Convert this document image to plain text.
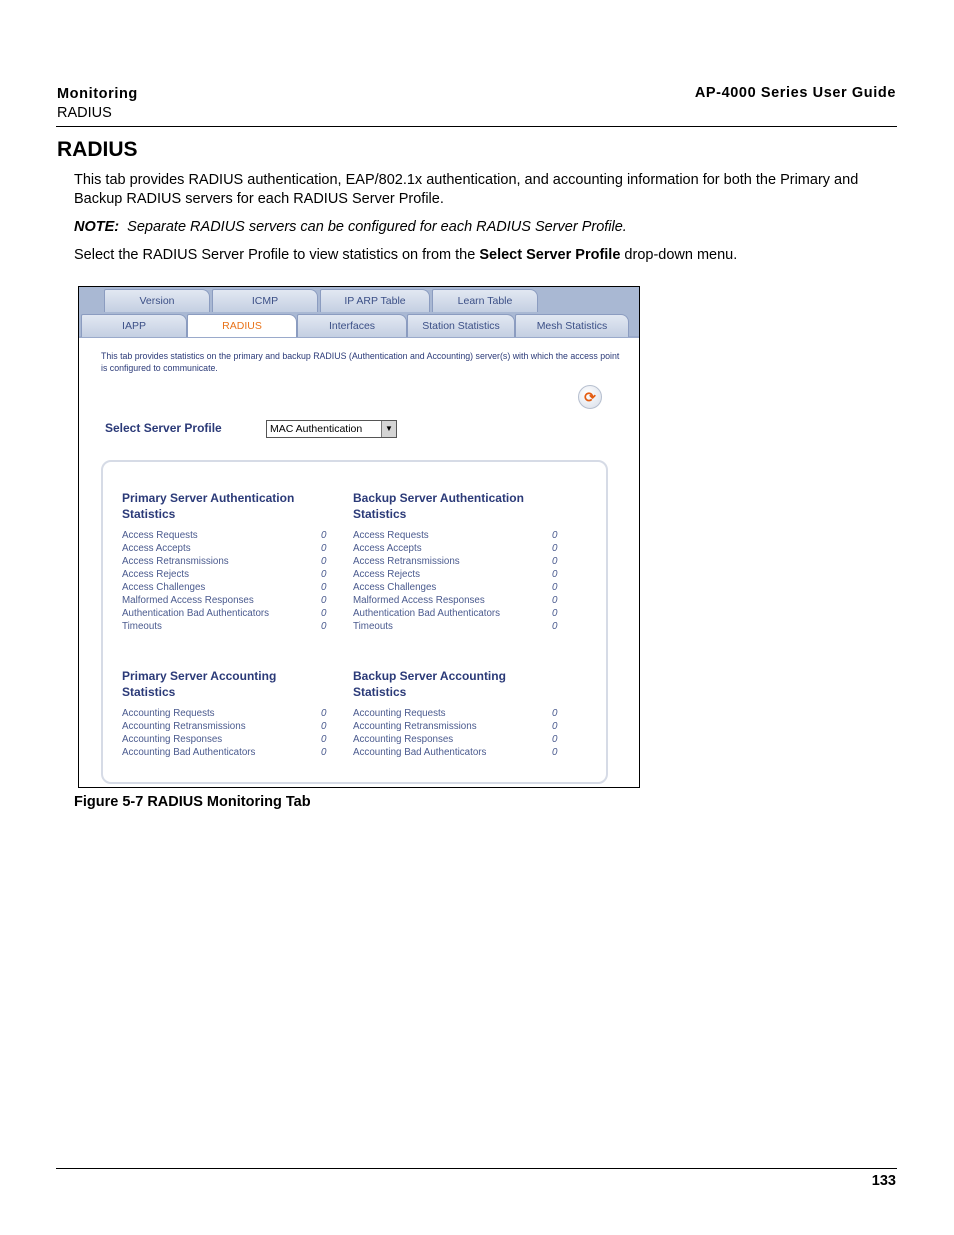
Monitoring
RADIUS
AP-4000 Series User Guide
RADIUS
This tab provides RADIUS authentication, EAP/802.1x authentication, and accounting information for both the Primary and Backup RADIUS servers for each RADIUS Server Profile.
NOTE: Separate RADIUS servers can be configured for each RADIUS Server Profile.
Select the RADIUS Server Profile to view statistics on from the Select Server Profile drop-down menu.
Version	ICMP	IP ARP Table	Learn Table
IAPP	RADIUS	Interfaces	Station Statistics	Mesh Statistics
This tab provides statistics on the primary and backup RADIUS (Authentication and Accounting) server(s) with which the access point is configured to communicate.
⟳
Select Server Profile	MAC Authentication	▼
Primary Server Authentication
Statistics
Access Requests	0
Access Accepts	0
Access Retransmissions	0
Access Rejects	0
Access Challenges	0
Malformed Access Responses	0
Authentication Bad Authenticators	0
Timeouts	0
Backup Server Authentication
Statistics
Access Requests	0
Access Accepts	0
Access Retransmissions	0
Access Rejects	0
Access Challenges	0
Malformed Access Responses	0
Authentication Bad Authenticators	0
Timeouts	0
Primary Server Accounting
Statistics
Accounting Requests	0
Accounting Retransmissions	0
Accounting Responses	0
Accounting Bad Authenticators	0
Backup Server Accounting
Statistics
Accounting Requests	0
Accounting Retransmissions	0
Accounting Responses	0
Accounting Bad Authenticators	0
Figure 5-7 RADIUS Monitoring Tab
133
